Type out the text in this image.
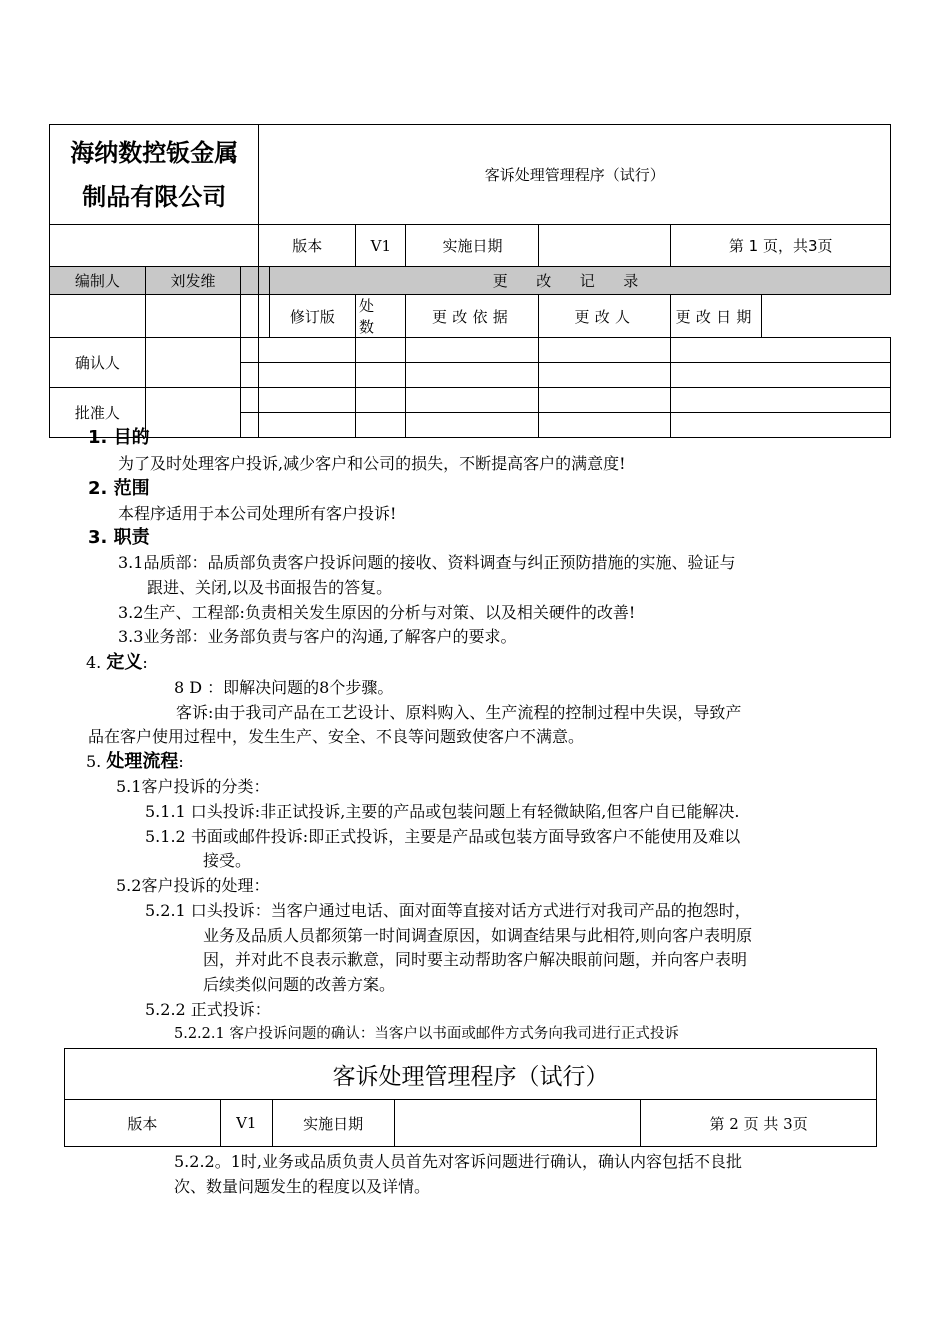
海纳数控钣金属
制品有限公司			客诉处理管理程序（试行）					
			版本		V1	实施日期		第 1 页，共3页
编制人	刘发维			更改记录				
				修订版	处数	更改依据	更改人	更改日期
确认人								

批准人								

1. 目的
为了及时处理客户投诉,减少客户和公司的损失，不断提高客户的满意度!
2. 范围
本程序适用于本公司处理所有客户投诉!
3. 职责
3.1品质部：品质部负责客户投诉问题的接收、资料调查与纠正预防措施的实施、验证与
跟进、关闭,以及书面报告的答复。
3.2生产、工程部:负责相关发生原因的分析与对策、以及相关硬件的改善!
3.3业务部：业务部负责与客户的沟通,了解客户的要求。
4. 定义:
8 D ：即解决问题的8个步骤。
客诉:由于我司产品在工艺设计、原料购入、生产流程的控制过程中失误，导致产
品在客户使用过程中，发生生产、安全、不良等问题致使客户不满意。
5. 处理流程:
5.1客户投诉的分类：
5.1.1 口头投诉:非正试投诉,主要的产品或包装问题上有轻微缺陷,但客户自已能解决.
5.1.2 书面或邮件投诉:即正式投诉，主要是产品或包装方面导致客户不能使用及难以
接受。
5.2客户投诉的处理：
5.2.1 口头投诉：当客户通过电话、面对面等直接对话方式进行对我司产品的抱怨时，
业务及品质人员都须第一时间调查原因，如调查结果与此相符,则向客户表明原
因，并对此不良表示歉意，同时要主动帮助客户解决眼前问题，并向客户表明
后续类似问题的改善方案。
5.2.2 正式投诉：
5.2.2.1 客户投诉问题的确认：当客户以书面或邮件方式务向我司进行正式投诉
客诉处理管理程序（试行）
版本	V1	实施日期		第 2 页 共 3页
5.2.2。1时,业务或品质负责人员首先对客诉问题进行确认，确认内容包括不良批
次、数量问题发生的程度以及详情。
